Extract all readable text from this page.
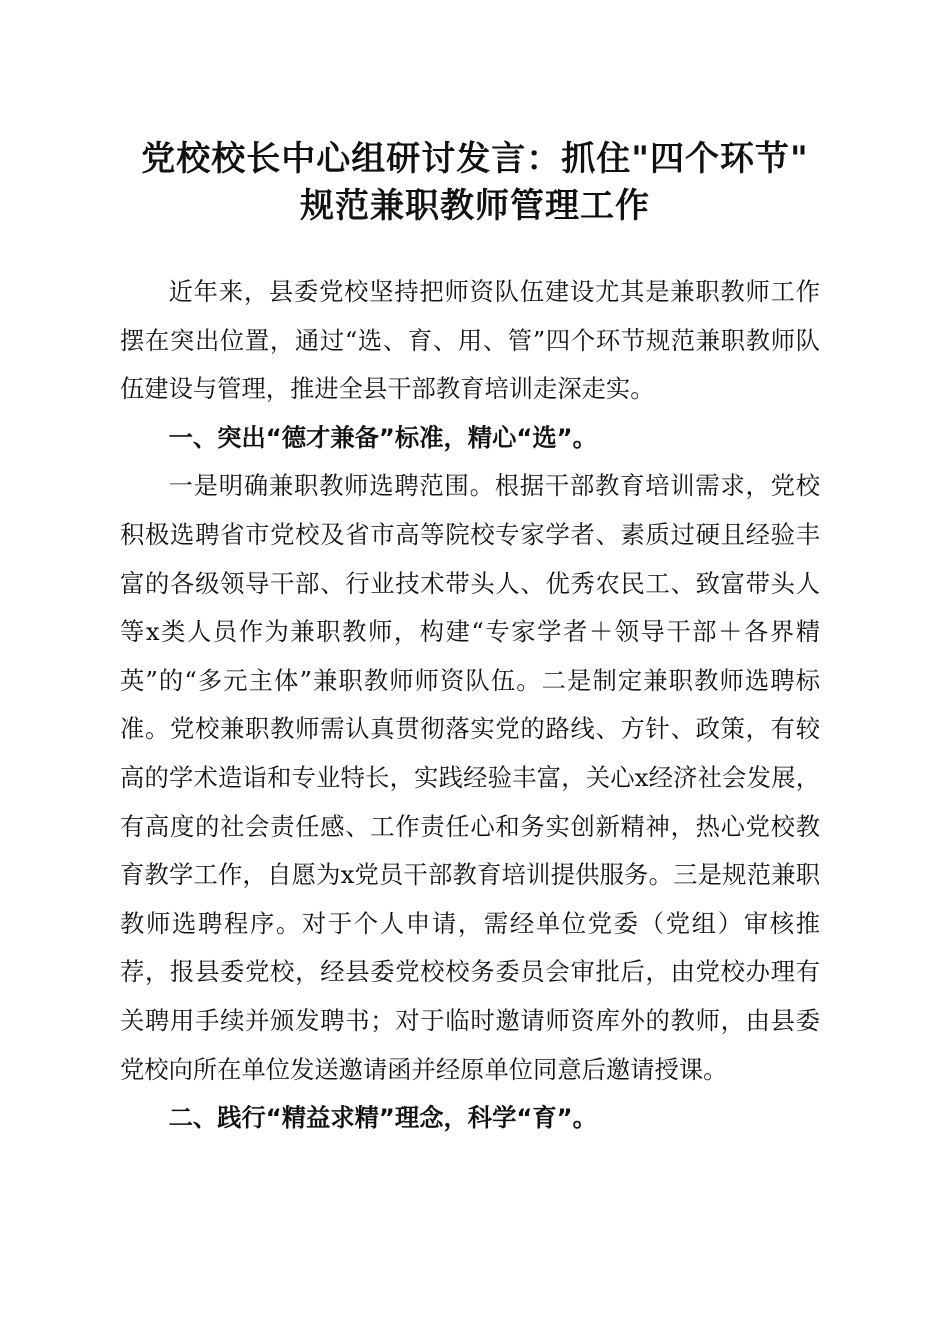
党校校长中心组研讨发言：抓住"四个环节"
规范兼职教师管理工作

近年来，县委党校坚持把师资队伍建设尤其是兼职教师工作摆在突出位置，通过“选、育、用、管”四个环节规范兼职教师队伍建设与管理，推进全县干部教育培训走深走实。

一、突出“德才兼备”标准，精心“选”。

一是明确兼职教师选聘范围。根据干部教育培训需求，党校积极选聘省市党校及省市高等院校专家学者、素质过硬且经验丰富的各级领导干部、行业技术带头人、优秀农民工、致富带头人等x类人员作为兼职教师，构建“专家学者＋领导干部＋各界精英”的“多元主体”兼职教师师资队伍。二是制定兼职教师选聘标准。党校兼职教师需认真贯彻落实党的路线、方针、政策，有较高的学术造诣和专业特长，实践经验丰富，关心x经济社会发展，有高度的社会责任感、工作责任心和务实创新精神，热心党校教育教学工作，自愿为x党员干部教育培训提供服务。三是规范兼职教师选聘程序。对于个人申请，需经单位党委（党组）审核推荐，报县委党校，经县委党校校务委员会审批后，由党校办理有关聘用手续并颁发聘书；对于临时邀请师资库外的教师，由县委党校向所在单位发送邀请函并经原单位同意后邀请授课。

二、践行“精益求精”理念，科学“育”。
